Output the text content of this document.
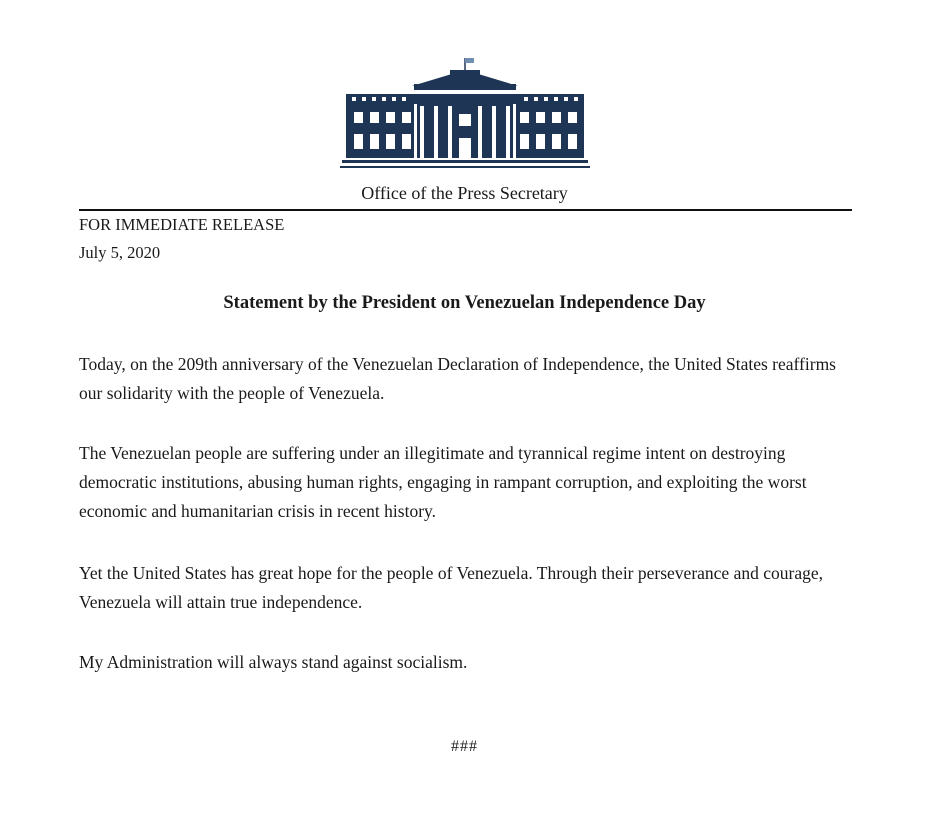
Office of the Press Secretary
FOR IMMEDIATE RELEASE
July 5, 2020
Statement by the President on Venezuelan Independence Day

Today, on the 209th anniversary of the Venezuelan Declaration of Independence, the United States reaffirms our solidarity with the people of Venezuela.

The Venezuelan people are suffering under an illegitimate and tyrannical regime intent on destroying democratic institutions, abusing human rights, engaging in rampant corruption, and exploiting the worst economic and humanitarian crisis in recent history.

Yet the United States has great hope for the people of Venezuela. Through their perseverance and courage, Venezuela will attain true independence.

My Administration will always stand against socialism.

###
